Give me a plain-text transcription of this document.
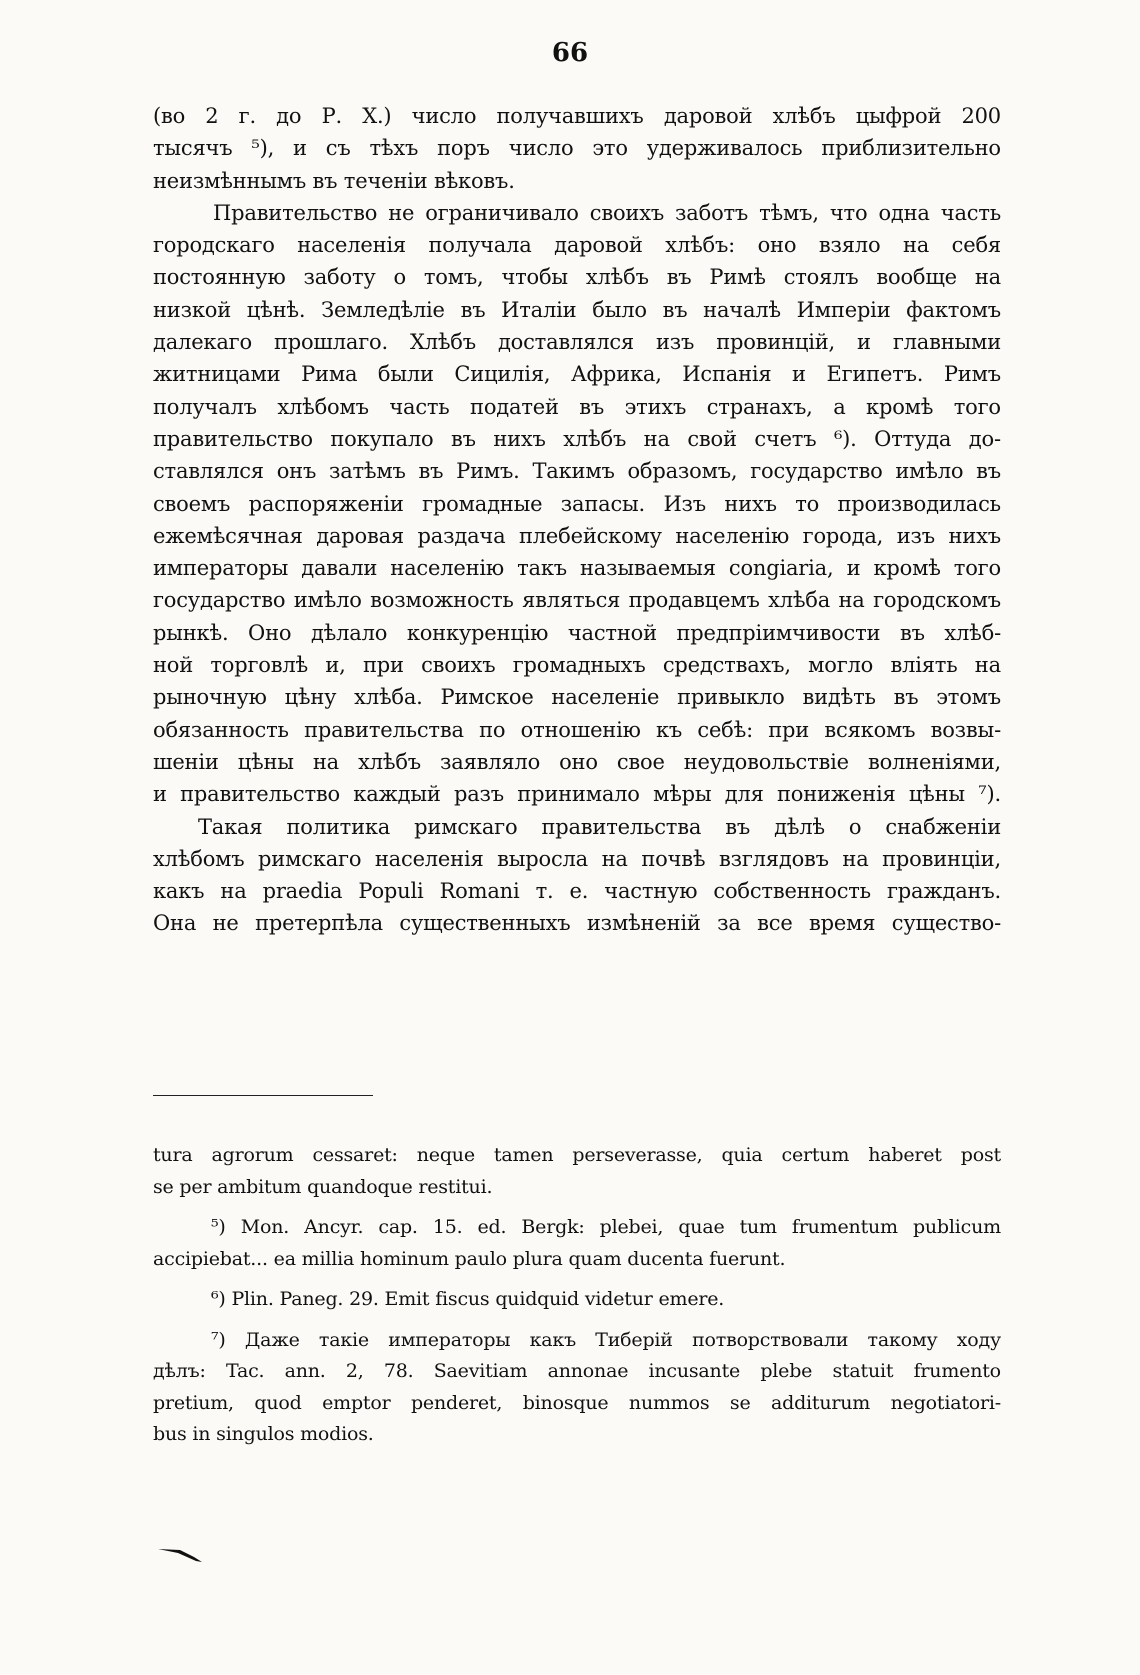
66
(во 2 г. до Р. Х.) число получавшихъ даровой хлѣбъ цыфрой 200
тысячъ ⁵), и съ тѣхъ поръ число это удерживалось приблизительно
неизмѣннымъ въ теченіи вѣковъ.
Правительство не ограничивало своихъ заботъ тѣмъ, что одна часть
городскаго населенія получала даровой хлѣбъ: оно взяло на себя
постоянную заботу о томъ, чтобы хлѣбъ въ Римѣ стоялъ вообще на
низкой цѣнѣ. Земледѣліе въ Италіи было въ началѣ Имперіи фактомъ
далекаго прошлаго. Хлѣбъ доставлялся изъ провинцій, и главными
житницами Рима были Сицилія, Африка, Испанія и Египетъ. Римъ
получалъ хлѣбомъ часть податей въ этихъ странахъ, а кромѣ того
правительство покупало въ нихъ хлѣбъ на свой счетъ ⁶). Оттуда до-
ставлялся онъ затѣмъ въ Римъ. Такимъ образомъ, государство имѣло въ
своемъ распоряженіи громадные запасы. Изъ нихъ то производилась
ежемѣсячная даровая раздача плебейскому населенію города, изъ нихъ
императоры давали населенію такъ называемыя congiaria, и кромѣ того
государство имѣло возможность являться продавцемъ хлѣба на городскомъ
рынкѣ. Оно дѣлало конкуренцію частной предпріимчивости въ хлѣб-
ной торговлѣ и, при своихъ громадныхъ средствахъ, могло вліять на
рыночную цѣну хлѣба. Римское населеніе привыкло видѣть въ этомъ
обязанность правительства по отношенію къ себѣ: при всякомъ возвы-
шеніи цѣны на хлѣбъ заявляло оно свое неудовольствіе волненіями,
и правительство каждый разъ принимало мѣры для пониженія цѣны ⁷).
Такая политика римскаго правительства въ дѣлѣ о снабженіи
хлѣбомъ римскаго населенія выросла на почвѣ взглядовъ на провинціи,
какъ на praedia Populi Romani т. е. частную собственность гражданъ.
Она не претерпѣла существенныхъ измѣненій за все время существо-
tura agrorum cessaret: neque tamen perseverasse, quia certum haberet post
se per ambitum quandoque restitui.
⁵) Mon. Ancyr. cap. 15. ed. Bergk: plebei, quae tum frumentum publicum
accipiebat... ea millia hominum paulo plura quam ducenta fuerunt.
⁶) Plin. Paneg. 29. Emit fiscus quidquid videtur emere.
⁷) Даже такіе императоры какъ Тиберій потворствовали такому ходу
дѣлъ: Tac. ann. 2, 78. Saevitiam annonae incusante plebe statuit frumento
pretium, quod emptor penderet, binosque nummos se additurum negotiatori-
bus in singulos modios.
